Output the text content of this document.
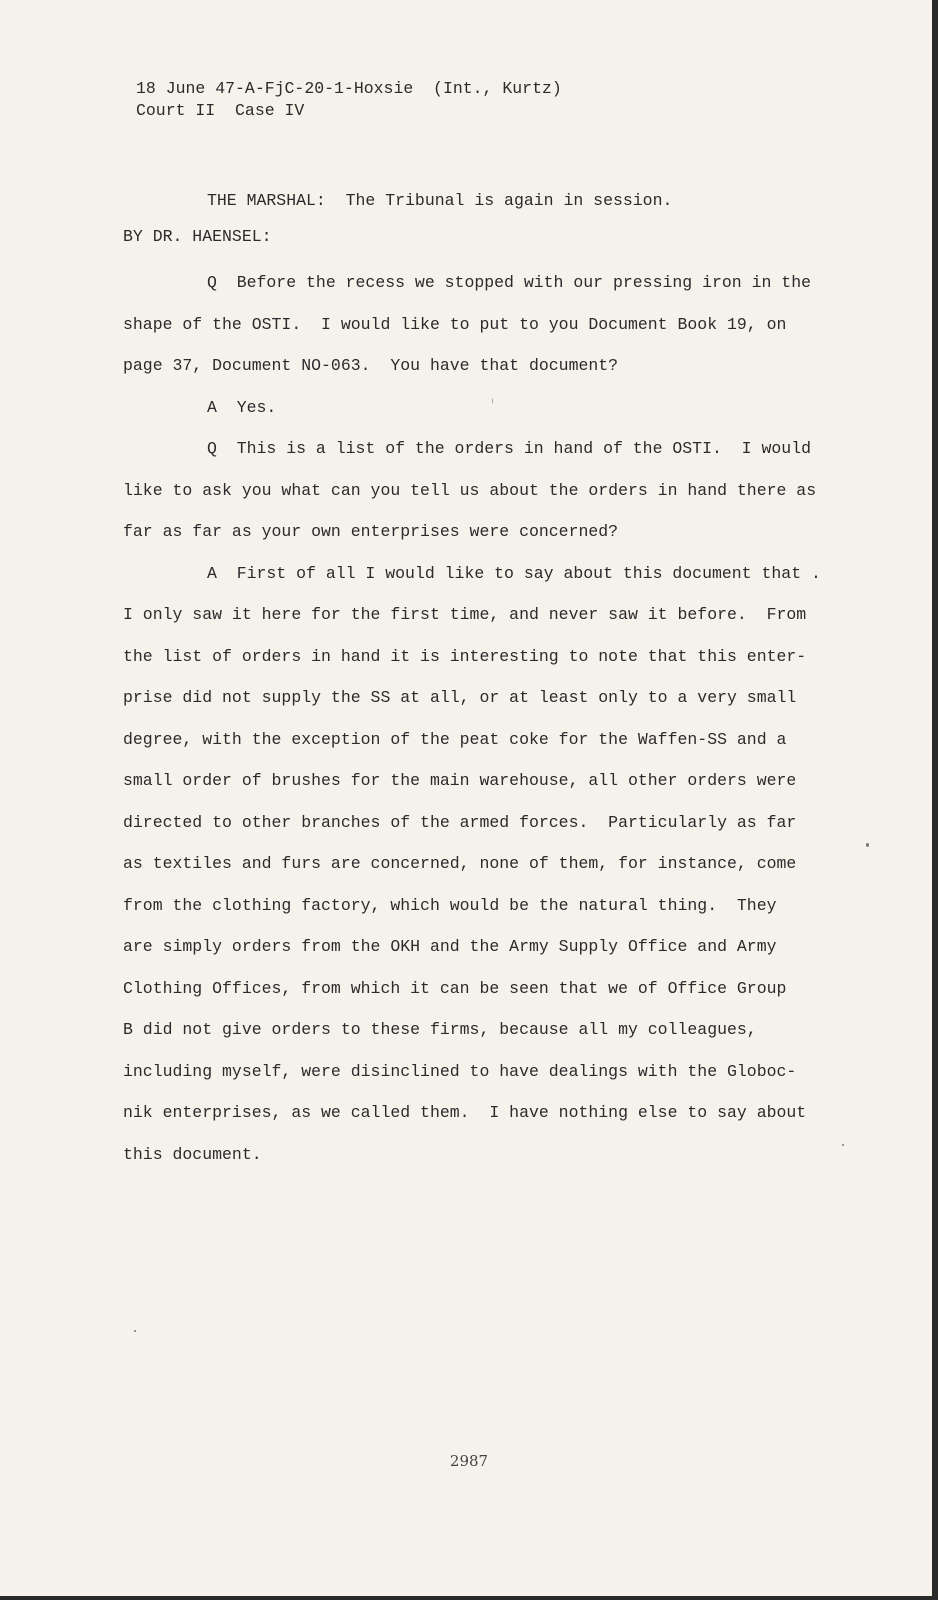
18 June 47-A-FjC-20-1-Hoxsie  (Int., Kurtz)
Court II  Case IV
THE MARSHAL:  The Tribunal is again in session.
BY DR. HAENSEL:
Q  Before the recess we stopped with our pressing iron in the
shape of the OSTI.  I would like to put to you Document Book 19, on
page 37, Document NO-063.  You have that document?
A  Yes.
Q  This is a list of the orders in hand of the OSTI.  I would
like to ask you what can you tell us about the orders in hand there as
far as far as your own enterprises were concerned?
A  First of all I would like to say about this document that .
I only saw it here for the first time, and never saw it before.  From
the list of orders in hand it is interesting to note that this enter-
prise did not supply the SS at all, or at least only to a very small
degree, with the exception of the peat coke for the Waffen-SS and a
small order of brushes for the main warehouse, all other orders were
directed to other branches of the armed forces.  Particularly as far
as textiles and furs are concerned, none of them, for instance, come
from the clothing factory, which would be the natural thing.  They
are simply orders from the OKH and the Army Supply Office and Army
Clothing Offices, from which it can be seen that we of Office Group
B did not give orders to these firms, because all my colleagues,
including myself, were disinclined to have dealings with the Globoc-
nik enterprises, as we called them.  I have nothing else to say about
this document.
2987
